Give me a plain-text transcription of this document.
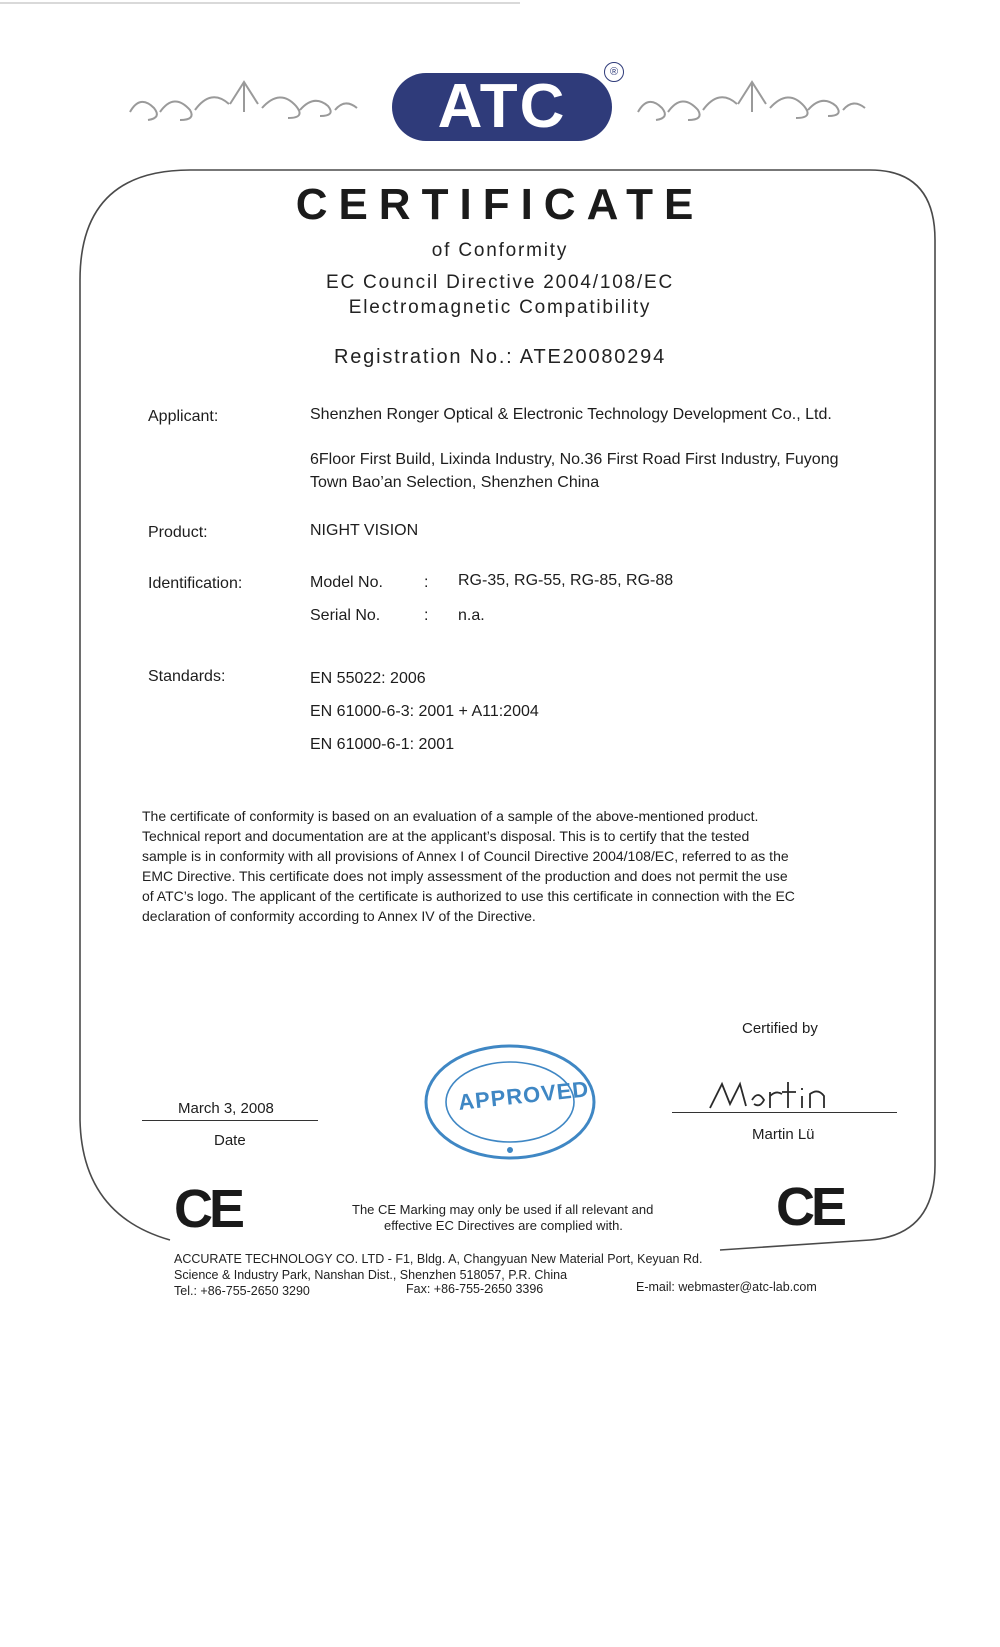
ATC	®
CERTIFICATE
of Conformity
EC Council Directive 2004/108/EC
Electromagnetic Compatibility
Registration No.: ATE20080294
Applicant:	Shenzhen Ronger Optical & Electronic Technology Development Co., Ltd.
6Floor First Build, Lixinda Industry, No.36 First Road First Industry, Fuyong
Town Bao’an Selection, Shenzhen China
Product:	NIGHT VISION
Identification:	Model No.	: RG-35, RG-55, RG-85, RG-88
Serial No.	: n.a.
Standards:	EN 55022: 2006
EN 61000-6-3: 2001 + A11:2004
EN 61000-6-1: 2001
The certificate of conformity is based on an evaluation of a sample of the above-mentioned product.
Technical report and documentation are at the applicant’s disposal. This is to certify that the tested
sample is in conformity with all provisions of Annex I of Council Directive 2004/108/EC, referred to as the
EMC Directive. This certificate does not imply assessment of the production and does not permit the use
of ATC’s logo. The applicant of the certificate is authorized to use this certificate in connection with the EC
declaration of conformity according to Annex IV of the Directive.
Certified by
Martin Lü
March 3, 2008
Date
APPROVED
CE	CE
The CE Marking may only be used if all relevant and
effective EC Directives are complied with.
ACCURATE TECHNOLOGY CO. LTD - F1, Bldg. A, Changyuan New Material Port, Keyuan Rd.
Science & Industry Park, Nanshan Dist., Shenzhen 518057, P.R. China
Tel.: +86-755-2650 3290	Fax: +86-755-2650 3396	E-mail: webmaster@atc-lab.com
